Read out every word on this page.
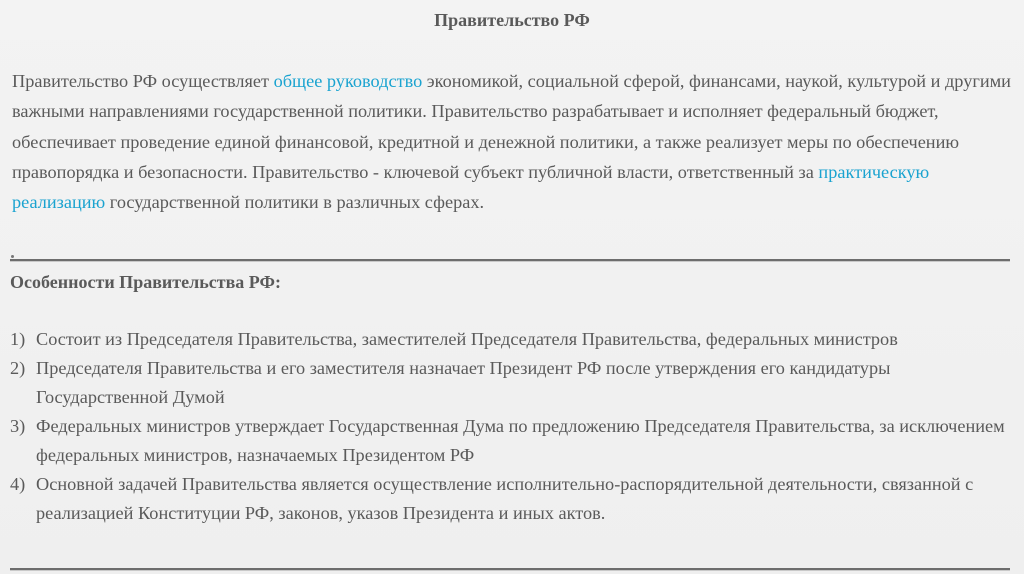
Правительство РФ
Правительство РФ осуществляет общее руководство экономикой, социальной сферой, финансами, наукой, культурой и другими важными направлениями государственной политики. Правительство разрабатывает и исполняет федеральный бюджет, обеспечивает проведение единой финансовой, кредитной и денежной политики, а также реализует меры по обеспечению правопорядка и безопасности. Правительство - ключевой субъект публичной власти, ответственный за практическую реализацию государственной политики в различных сферах.
Особенности Правительства РФ:
1) Состоит из Председателя Правительства, заместителей Председателя Правительства, федеральных министров
2) Председателя Правительства и его заместителя назначает Президент РФ после утверждения его кандидатуры Государственной Думой
3) Федеральных министров утверждает Государственная Дума по предложению Председателя Правительства, за исключением федеральных министров, назначаемых Президентом РФ
4) Основной задачей Правительства является осуществление исполнительно-распорядительной деятельности, связанной с реализацией Конституции РФ, законов, указов Президента и иных актов.
